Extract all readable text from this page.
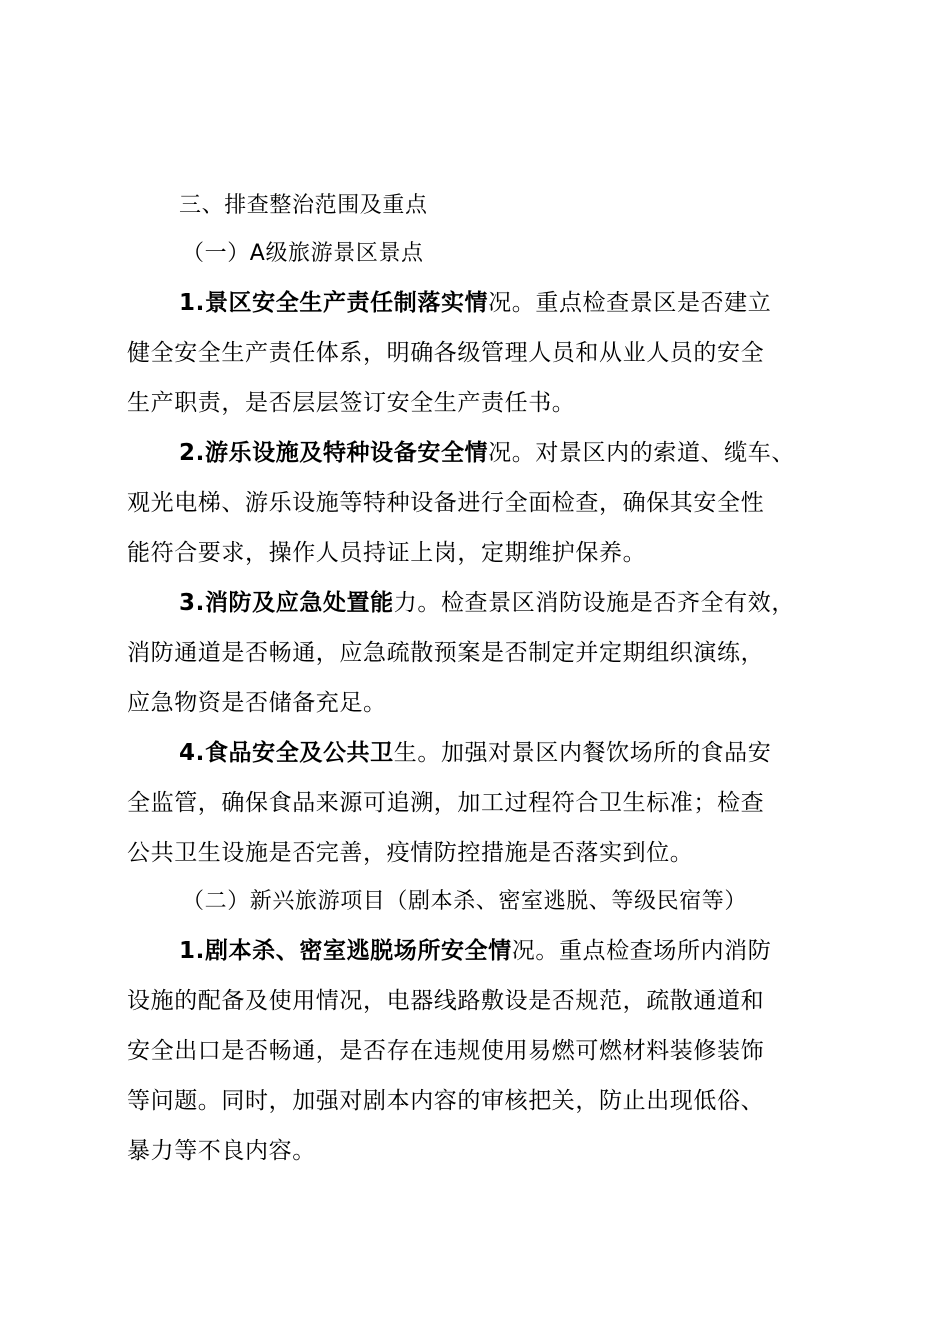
三、排查整治范围及重点

（一）A级旅游景区景点

1.景区安全生产责任制落实情况。重点检查景区是否建立

健全安全生产责任体系，明确各级管理人员和从业人员的安全

生产职责，是否层层签订安全生产责任书。

2.游乐设施及特种设备安全情况。对景区内的索道、缆车、

观光电梯、游乐设施等特种设备进行全面检查，确保其安全性

能符合要求，操作人员持证上岗，定期维护保养。

3.消防及应急处置能力。检查景区消防设施是否齐全有效，

消防通道是否畅通，应急疏散预案是否制定并定期组织演练，

应急物资是否储备充足。

4.食品安全及公共卫生。加强对景区内餐饮场所的食品安

全监管，确保食品来源可追溯，加工过程符合卫生标准；检查

公共卫生设施是否完善，疫情防控措施是否落实到位。

（二）新兴旅游项目（剧本杀、密室逃脱、等级民宿等）

1.剧本杀、密室逃脱场所安全情况。重点检查场所内消防

设施的配备及使用情况，电器线路敷设是否规范，疏散通道和

安全出口是否畅通，是否存在违规使用易燃可燃材料装修装饰

等问题。同时，加强对剧本内容的审核把关，防止出现低俗、

暴力等不良内容。
